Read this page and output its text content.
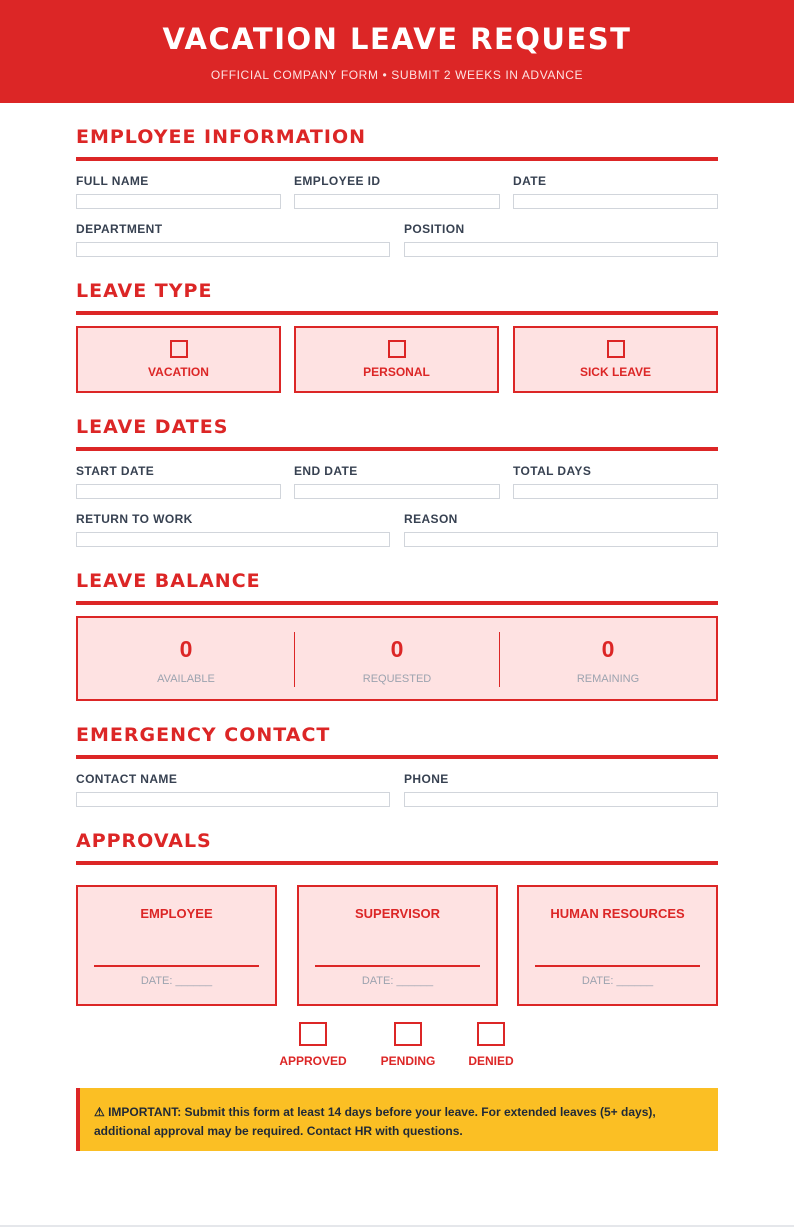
VACATION LEAVE REQUEST
OFFICIAL COMPANY FORM • SUBMIT 2 WEEKS IN ADVANCE
EMPLOYEE INFORMATION
FULL NAME	EMPLOYEE ID	DATE
DEPARTMENT	POSITION
LEAVE TYPE
VACATION	PERSONAL	SICK LEAVE
LEAVE DATES
START DATE	END DATE	TOTAL DAYS
RETURN TO WORK	REASON
LEAVE BALANCE
0
AVAILABLE
0
REQUESTED
0
REMAINING
EMERGENCY CONTACT
CONTACT NAME	PHONE
APPROVALS
EMPLOYEE
DATE: ______
SUPERVISOR
DATE: ______
HUMAN RESOURCES
DATE: ______
APPROVED	PENDING	DENIED
⚠ IMPORTANT: Submit this form at least 14 days before your leave. For extended leaves (5+ days), additional approval may be required. Contact HR with questions.
